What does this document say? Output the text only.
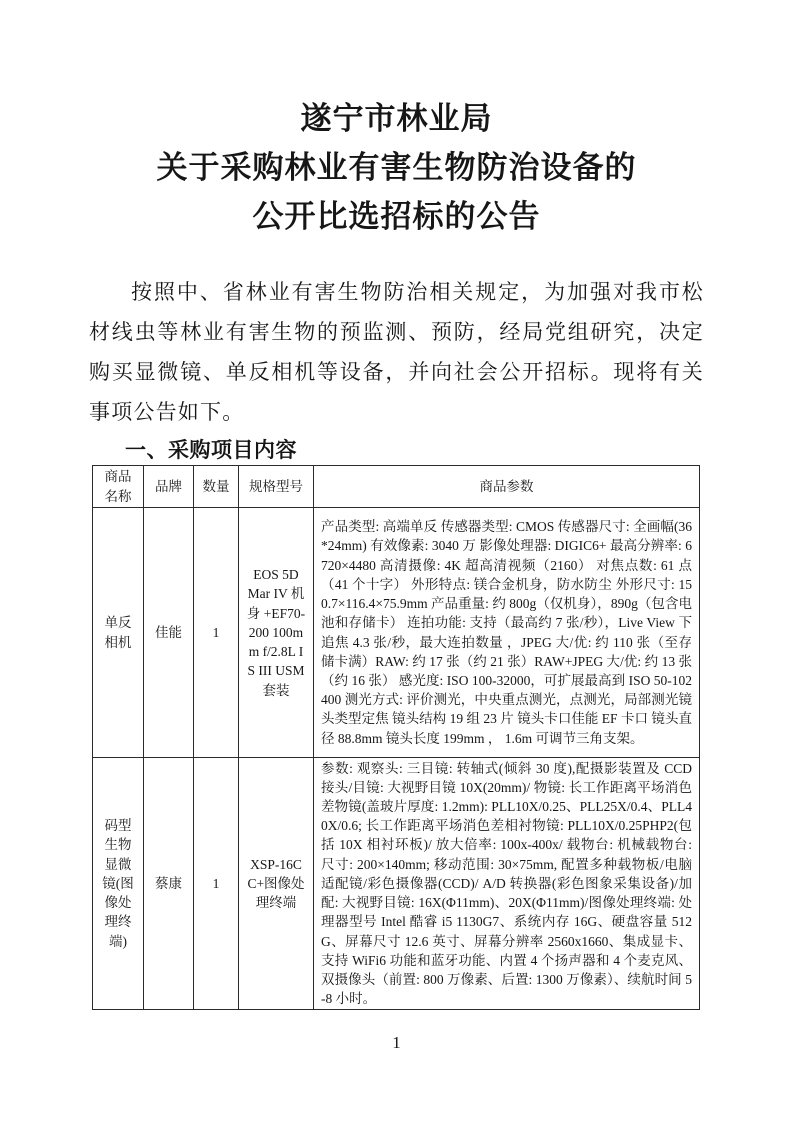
遂宁市林业局
关于采购林业有害生物防治设备的
公开比选招标的公告

按照中、省林业有害生物防治相关规定，为加强对我市松材线虫等林业有害生物的预监测、预防，经局党组研究，决定购买显微镜、单反相机等设备，并向社会公开招标。现将有关事项公告如下。

一、采购项目内容
商品名称	品牌	数量	规格型号	商品参数
单反相机	佳能	1	EOS 5D Mar IV 机身 +EF70-200 100mm f/2.8L IS III USM 套装	产品类型: 高端单反 传感器类型: CMOS 传感器尺寸: 全画幅(36*24mm) 有效像素: 3040 万 影像处理器: DIGIC6+ 最高分辨率: 6720×4480 高清摄像: 4K 超高清视频（2160） 对焦点数: 61 点（41 个十字） 外形特点: 镁合金机身，防水防尘 外形尺寸: 150.7×116.4×75.9mm 产品重量: 约 800g（仅机身），890g（包含电池和存储卡） 连拍功能: 支持（最高约 7 张/秒），Live View 下追焦 4.3 张/秒，最大连拍数量 ，JPEG 大/优: 约 110 张（至存储卡满）RAW: 约 17 张（约 21 张）RAW+JPEG 大/优: 约 13 张（约 16 张） 感光度: ISO 100-32000，可扩展最高到 ISO 50-102400 测光方式: 评价测光，中央重点测光，点测光，局部测光镜头类型定焦 镜头结构 19 组 23 片 镜头卡口佳能 EF 卡口 镜头直径 88.8mm 镜头长度 199mm ， 1.6m 可调节三角支架。
码型生物显微镜(图像处理终端)	蔡康	1	XSP-16CC+图像处理终端	参数: 观察头: 三目镜: 转轴式(倾斜 30 度),配摄影装置及 CCD 接头/目镜: 大视野目镜 10X(20mm)/ 物镜: 长工作距离平场消色差物镜(盖玻片厚度: 1.2mm): PLL10X/0.25、PLL25X/0.4、PLL40X/0.6; 长工作距离平场消色差相衬物镜: PLL10X/0.25PHP2(包括 10X 相衬环板)/ 放大倍率: 100x-400x/ 载物台: 机械载物台: 尺寸: 200×140mm; 移动范围: 30×75mm, 配置多种载物板/电脑适配镜/彩色摄像器(CCD)/ A/D 转换器(彩色图象采集设备)/加配: 大视野目镜: 16X(Φ11mm)、20X(Φ11mm)/图像处理终端: 处理器型号 Intel 酷睿 i5 1130G7、系统内存 16G、硬盘容量 512G、屏幕尺寸 12.6 英寸、屏幕分辨率 2560x1660、集成显卡、支持 WiFi6 功能和蓝牙功能、内置 4 个扬声器和 4 个麦克风、双摄像头（前置: 800 万像素、后置: 1300 万像素）、续航时间 5-8 小时。
1
